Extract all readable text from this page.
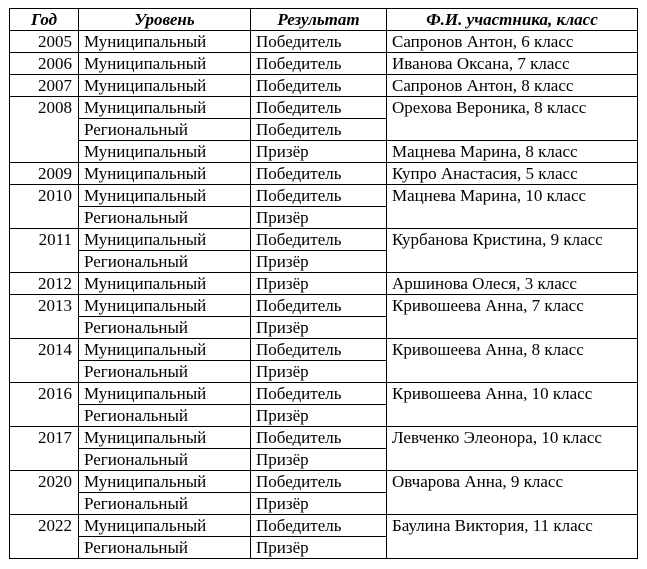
Год	Уровень	Результат	Ф.И. участника, класс
2005	Муниципальный	Победитель	Сапронов Антон, 6 класс
2006	Муниципальный	Победитель	Иванова Оксана, 7 класс
2007	Муниципальный	Победитель	Сапронов Антон, 8 класс
2008	Муниципальный	Победитель	Орехова Вероника, 8 класс
	Региональный	Победитель	
	Муниципальный	Призёр	Мацнева Марина, 8 класс
2009	Муниципальный	Победитель	Купро Анастасия, 5 класс
2010	Муниципальный	Победитель	Мацнева Марина, 10 класс
	Региональный	Призёр	
2011	Муниципальный	Победитель	Курбанова Кристина, 9 класс
	Региональный	Призёр	
2012	Муниципальный	Призёр	Аршинова Олеся, 3 класс
2013	Муниципальный	Победитель	Кривошеева Анна, 7 класс
	Региональный	Призёр	
2014	Муниципальный	Победитель	Кривошеева Анна, 8 класс
	Региональный	Призёр	
2016	Муниципальный	Победитель	Кривошеева Анна, 10 класс
	Региональный	Призёр	
2017	Муниципальный	Победитель	Левченко Элеонора, 10 класс
	Региональный	Призёр	
2020	Муниципальный	Победитель	Овчарова Анна, 9 класс
	Региональный	Призёр	
2022	Муниципальный	Победитель	Баулина Виктория, 11 класс
	Региональный	Призёр	
